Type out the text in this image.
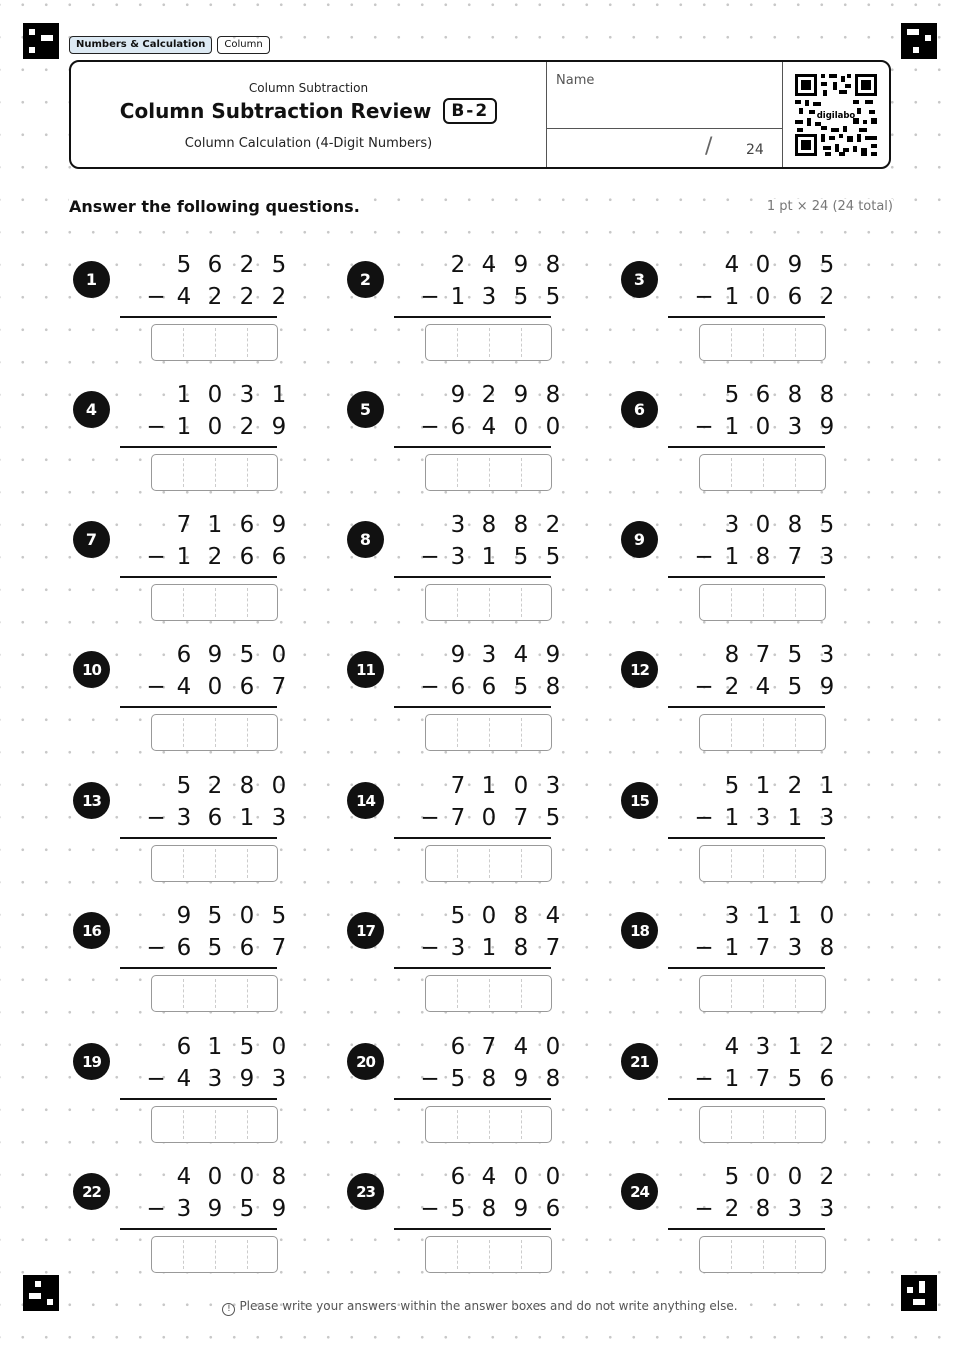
Numbers & Calculation	Column
Column Subtraction
Column Subtraction Review	B-2
Column Calculation (4-Digit Numbers)
Name
/ 24
digilabo
Answer the following questions.	1 pt × 24 (24 total)
1
5 6 2 5
− 4 2 2 2
2
2 4 9 8
− 1 3 5 5
3
4 0 9 5
− 1 0 6 2
4
1 0 3 1
− 1 0 2 9
5
9 2 9 8
− 6 4 0 0
6
5 6 8 8
− 1 0 3 9
7
7 1 6 9
− 1 2 6 6
8
3 8 8 2
− 3 1 5 5
9
3 0 8 5
− 1 8 7 3
10
6 9 5 0
− 4 0 6 7
11
9 3 4 9
− 6 6 5 8
12
8 7 5 3
− 2 4 5 9
13
5 2 8 0
− 3 6 1 3
14
7 1 0 3
− 7 0 7 5
15
5 1 2 1
− 1 3 1 3
16
9 5 0 5
− 6 5 6 7
17
5 0 8 4
− 3 1 8 7
18
3 1 1 0
− 1 7 3 8
19
6 1 5 0
− 4 3 9 3
20
6 7 4 0
− 5 8 9 8
21
4 3 1 2
− 1 7 5 6
22
4 0 0 8
− 3 9 5 9
23
6 4 0 0
− 5 8 9 6
24
5 0 0 2
− 2 8 3 3
! Please write your answers within the answer boxes and do not write anything else.
